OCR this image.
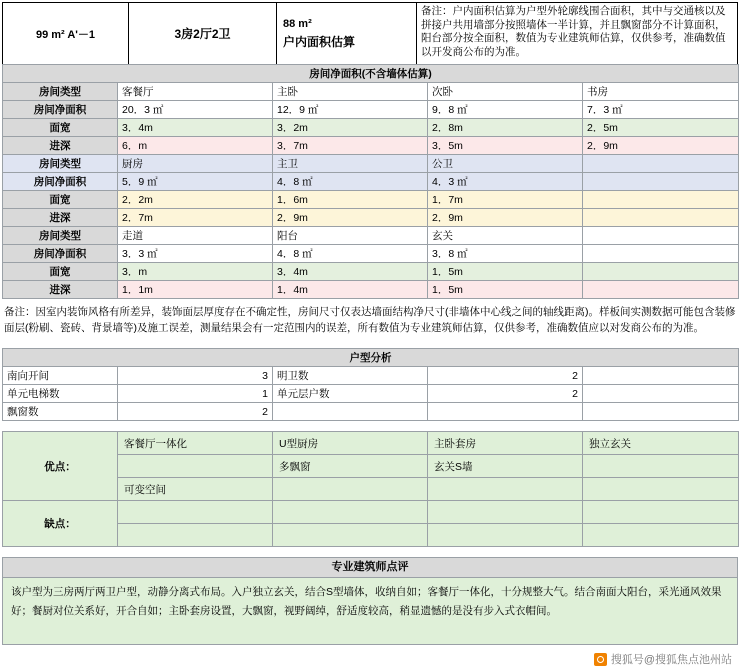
99 m² A'－1	3房2厅2卫
88 m²
户内面积估算
备注：户内面积估算为户型外轮廓线围合面积，其中与交通核以及拼接户共用墙部分按照墙体一半计算，并且飘窗部分不计算面积，阳台部分按全面积，数值为专业建筑师估算，仅供参考，准确数值以开发商公布的为准。
房间净面积(不含墙体估算)				
房间类型	客餐厅	主卧	次卧	书房
房间净面积	20．3 ㎡	12．9 ㎡	9．8 ㎡	7．3 ㎡
面宽	3．4m	3．2m	2．8m	2．5m
进深	6．m	3．7m	3．5m	2．9m
房间类型	厨房	主卫	公卫	
房间净面积	5．9 ㎡	4．8 ㎡	4．3 ㎡	
面宽	2．2m	1．6m	1．7m	
进深	2．7m	2．9m	2．9m	
房间类型	走道	阳台	玄关	
房间净面积	3．3 ㎡	4．8 ㎡	3．8 ㎡	
面宽	3．m	3．4m	1．5m	
进深	1．1m	1．4m	1．5m	
备注：因室内装饰风格有所差异，装饰面层厚度存在不确定性，房间尺寸仅表达墙面结构净尺寸(非墙体中心线之间的轴线距离)。样板间实测数据可能包含装修面层(粉刷、瓷砖、背景墙等)及施工误差，测量结果会有一定范围内的误差，所有数值为专业建筑师估算，仅供参考，准确数值应以对发商公布的为准。
户型分析				
南向开间	3	明卫数	2	
单元电梯数	1	单元层户数	2	
飘窗数	2			
优点：	客餐厅一体化	U型厨房	主卧套房	独立玄关
		多飘窗	玄关S墙	
	可变空间			
缺点：				

专业建筑师点评
该户型为三房两厅两卫户型，动静分离式布局。入户独立玄关，结合S型墙体，收纳自如；客餐厅一体化，十分规整大气。结合南面大阳台，采光通风效果好；餐厨对位关系好，开合自如；主卧套房设置，大飘窗，视野阔绰，舒适度较高，稍显遗憾的是没有步入式衣帽间。
搜狐号@搜狐焦点池州站
